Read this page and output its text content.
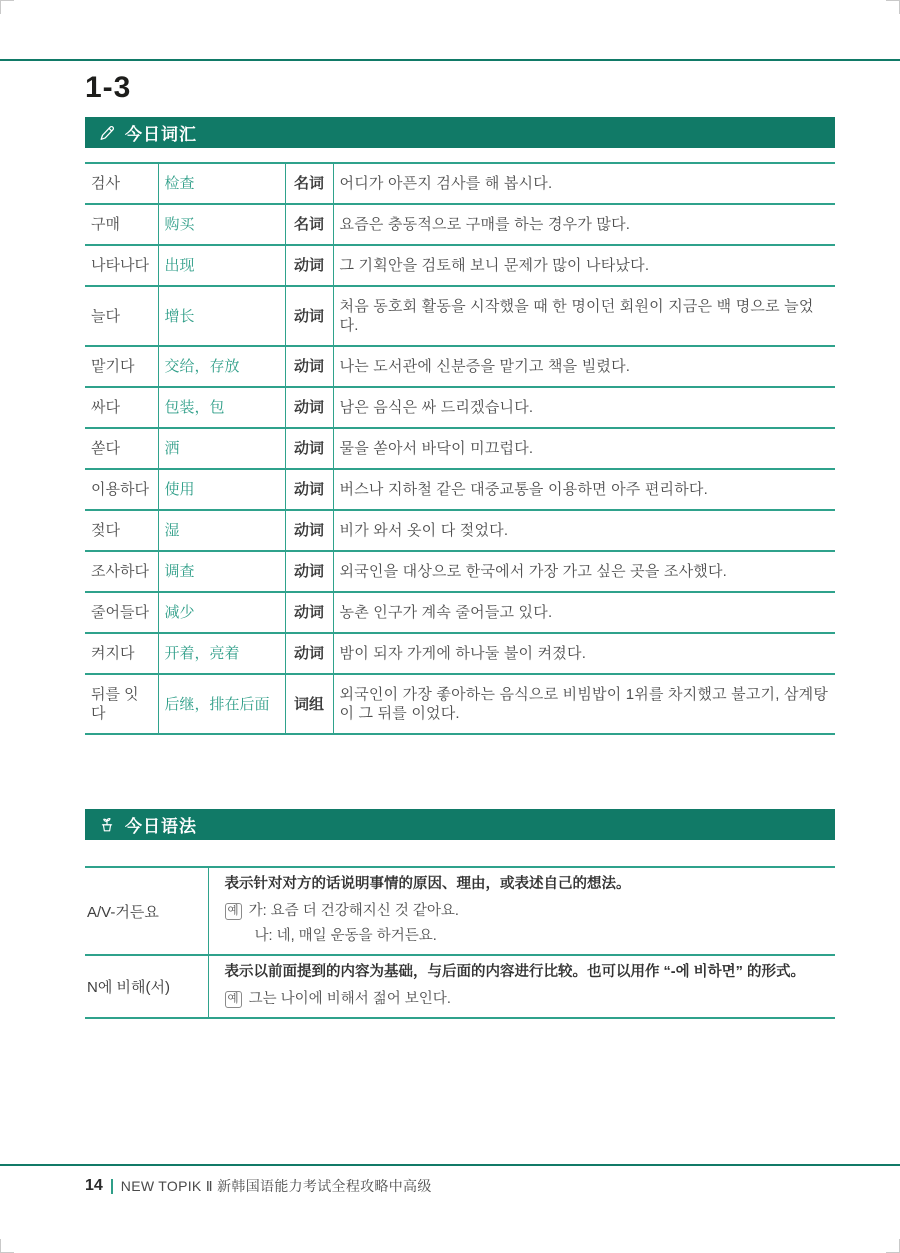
1-3
今日词汇
검사	检查	名词	어디가 아픈지 검사를 해 봅시다.
구매	购买	名词	요즘은 충동적으로 구매를 하는 경우가 많다.
나타나다	出现	动词	그 기획안을 검토해 보니 문제가 많이 나타났다.
늘다	增长	动词	처음 동호회 활동을 시작했을 때 한 명이던 회원이 지금은 백 명으로 늘었다.
맡기다	交给，存放	动词	나는 도서관에 신분증을 맡기고 책을 빌렸다.
싸다	包装，包	动词	남은 음식은 싸 드리겠습니다.
쏟다	洒	动词	물을 쏟아서 바닥이 미끄럽다.
이용하다	使用	动词	버스나 지하철 같은 대중교통을 이용하면 아주 편리하다.
젖다	湿	动词	비가 와서 옷이 다 젖었다.
조사하다	调查	动词	외국인을 대상으로 한국에서 가장 가고 싶은 곳을 조사했다.
줄어들다	减少	动词	농촌 인구가 계속 줄어들고 있다.
켜지다	开着，亮着	动词	밤이 되자 가게에 하나둘 불이 켜졌다.
뒤를 잇다	后继，排在后面	词组	외국인이 가장 좋아하는 음식으로 비빔밥이 1위를 차지했고 불고기, 삼계탕이 그 뒤를 이었다.
今日语法
A/V-거든요	表示针对对方的话说明事情的原因、理由，或表述自己的想法。
예 가: 요즘 더 건강해지신 것 같아요.
나: 네, 매일 운동을 하거든요.

N에 비해(서)	表示以前面提到的内容为基础，与后面的内容进行比较。也可以用作 “-에 비하면” 的形式。
예 그는 나이에 비해서 젊어 보인다.
14 NEW TOPIK Ⅱ 新韩国语能力考试全程攻略中高级
